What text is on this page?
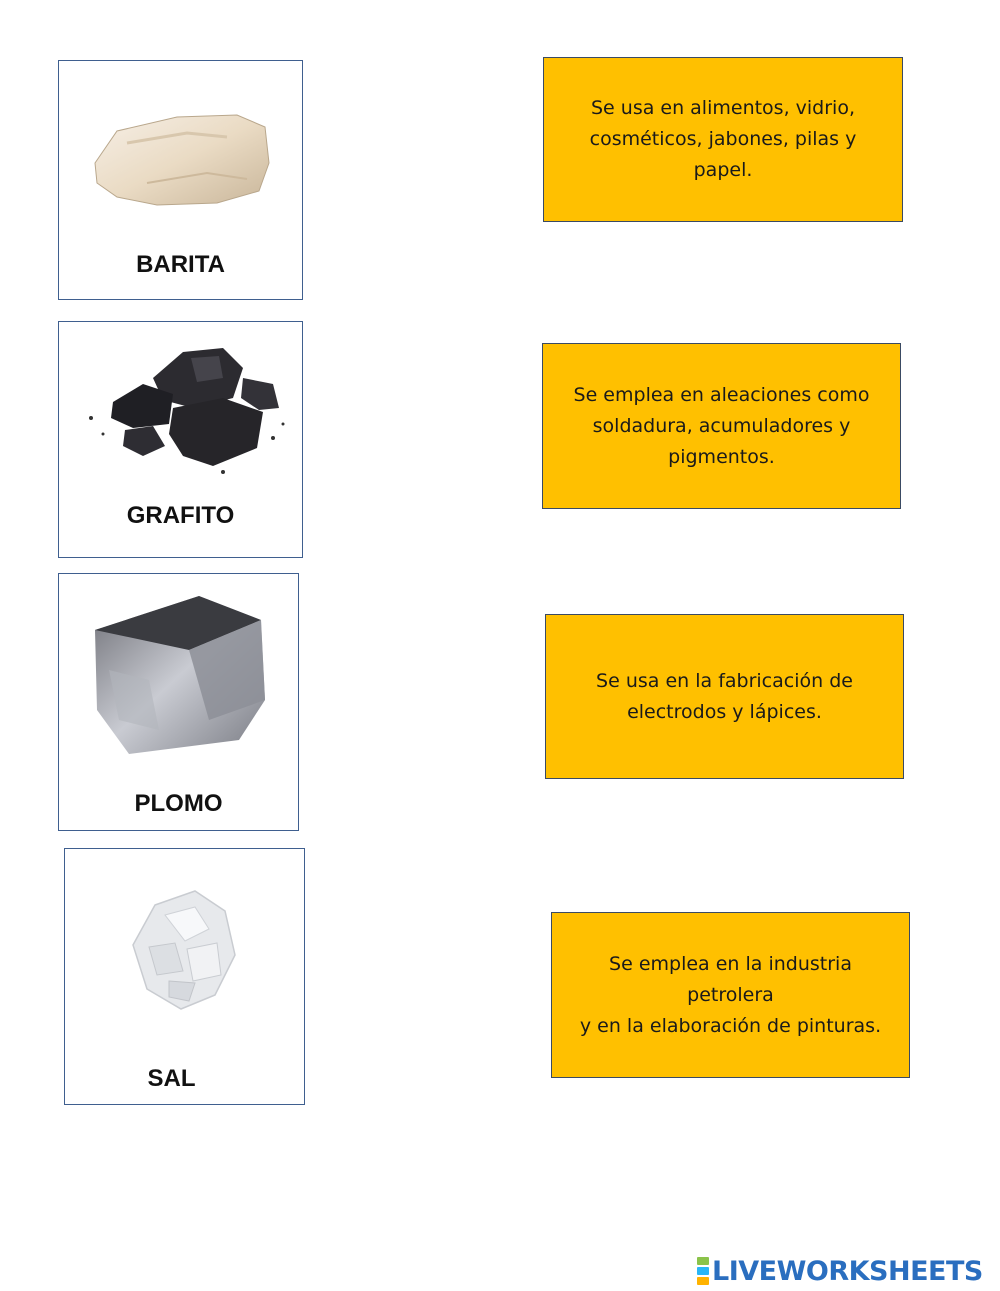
BARITA
GRAFITO
PLOMO
SAL
Se usa en alimentos, vidrio,
cosméticos, jabones, pilas y papel.
Se emplea en aleaciones como
soldadura, acumuladores y
pigmentos.
Se usa en la fabricación de
electrodos y lápices.
Se emplea en la industria petrolera
y en la elaboración de pinturas.
LIVEWORKSHEETS
